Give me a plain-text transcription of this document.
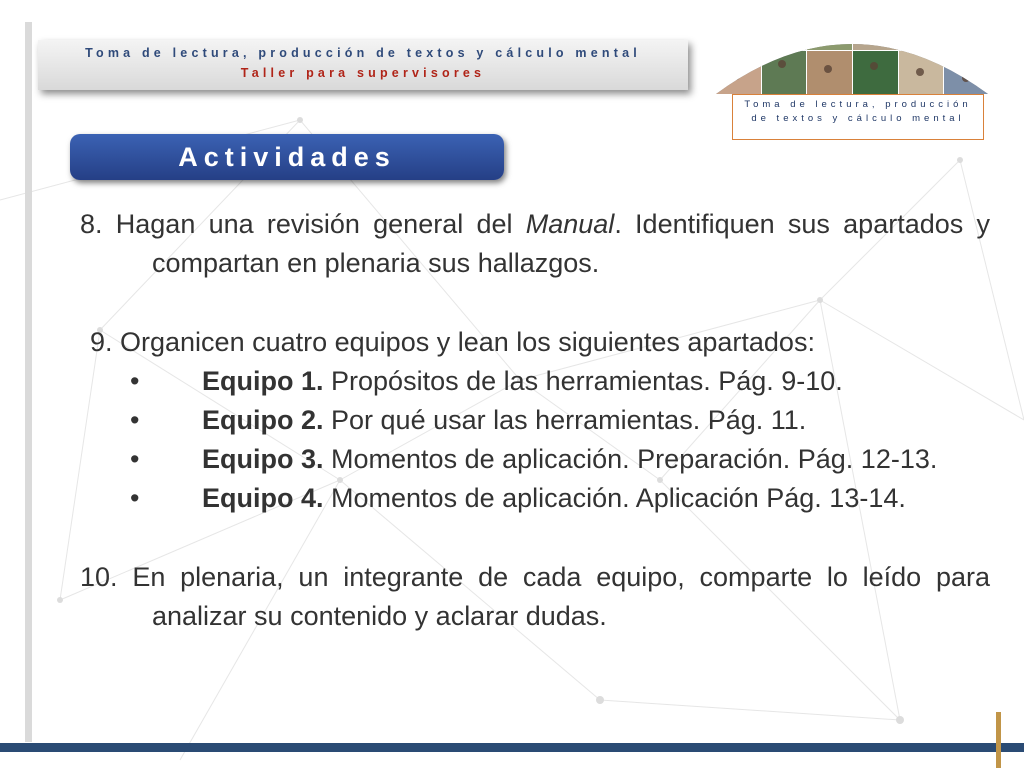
Toma de lectura, producción de textos y cálculo mental
Taller para supervisores
Toma de lectura, producción
de textos y cálculo mental
Actividades
8. Hagan una revisión general del Manual. Identifiquen sus apartados y compartan en plenaria sus hallazgos.
9. Organicen cuatro equipos y lean los siguientes apartados:
• Equipo 1. Propósitos de las herramientas. Pág. 9-10.
• Equipo 2. Por qué usar las herramientas. Pág. 11.
• Equipo 3. Momentos de aplicación. Preparación. Pág. 12-13.
• Equipo 4. Momentos de aplicación. Aplicación Pág. 13-14.
10. En plenaria, un integrante de cada equipo, comparte lo leído para analizar su contenido y aclarar dudas.
